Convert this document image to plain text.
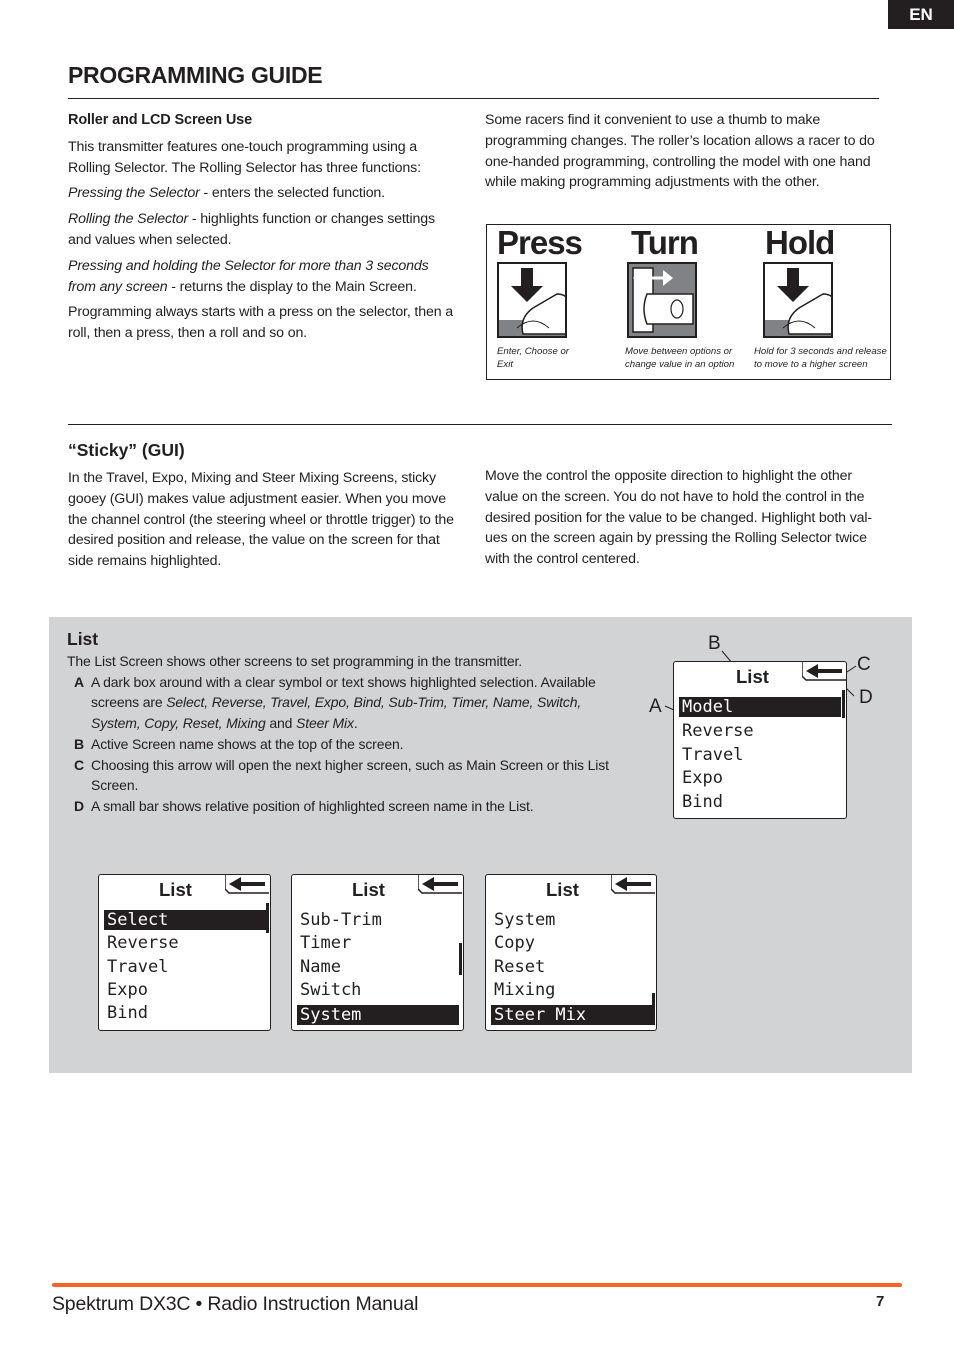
EN
PROGRAMMING GUIDE
Roller and LCD Screen Use

This transmitter features one-touch programming using a Rolling Selector. The Rolling Selector has three functions:

Pressing the Selector - enters the selected function.

Rolling the Selector - highlights function or changes settings and values when selected.

Pressing and holding the Selector for more than 3 seconds from any screen - returns the display to the Main Screen.

Programming always starts with a press on the selector, then a roll, then a press, then a roll and so on.

Some racers find it convenient to use a thumb to make programming changes. The roller’s location allows a racer to do one-handed programming, controlling the model with one hand while making programming adjustments with the other.
Press
Enter, Choose or Exit
Turn
Move between options or change value in an option
Hold
Hold for 3 seconds and release to move to a higher screen
“Sticky” (GUI)
In the Travel, Expo, Mixing and Steer Mixing Screens, sticky gooey (GUI) makes value adjustment easier. When you move the channel control (the steering wheel or throttle trigger) to the desired position and release, the value on the screen for that side remains highlighted.
Move the control the opposite direction to highlight the other value on the screen. You do not have to hold the control in the desired position for the value to be changed. Highlight both val-ues on the screen again by pressing the Rolling Selector twice with the control centered.
List
The List Screen shows other screens to set programming in the transmitter.
A A dark box around with a clear symbol or text shows highlighted selection. Available screens are Select, Reverse, Travel, Expo, Bind, Sub-Trim, Timer, Name, Switch, System, Copy, Reset, Mixing and Steer Mix.
B Active Screen name shows at the top of the screen.
C Choosing this arrow will open the next higher screen, such as Main Screen or this List Screen.
D A small bar shows relative position of highlighted screen name in the List.
B
C
D
A
List
Model
Reverse
Travel
Expo
Bind
List
Select
Reverse
Travel
Expo
Bind
List
Sub-Trim
Timer
Name
Switch
System
List
System
Copy
Reset
Mixing
Steer Mix
Spektrum DX3C • Radio Instruction Manual	7
